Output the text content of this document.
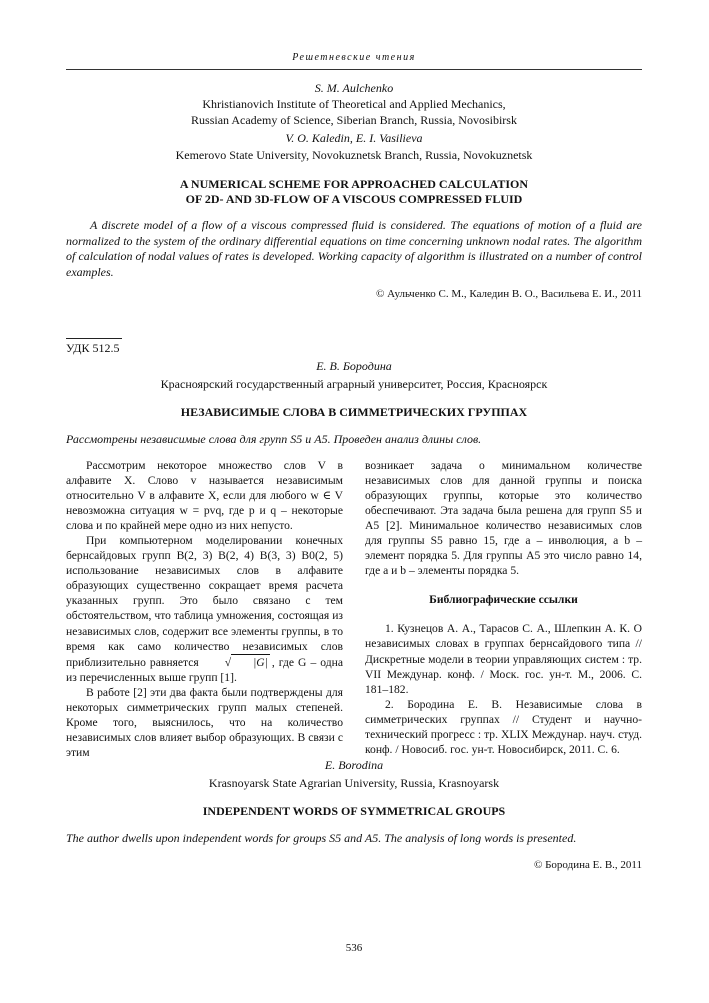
Решетневские чтения
S. M. Aulchenko
Khristianovich Institute of Theoretical and Applied Mechanics,
Russian Academy of Science, Siberian Branch, Russia, Novosibirsk
V. O. Kaledin, E. I. Vasilieva
Kemerovo State University, Novokuznetsk Branch, Russia, Novokuznetsk
A NUMERICAL SCHEME FOR APPROACHED CALCULATION
OF 2D- AND 3D-FLOW OF A VISCOUS COMPRESSED FLUID
A discrete model of a flow of a viscous compressed fluid is considered. The equations of motion of a fluid are normalized to the system of the ordinary differential equations on time concerning unknown nodal rates. The algorithm of calculation of nodal values of rates is developed. Working capacity of algorithm is illustrated on a number of control examples.
© Аульченко С. М., Каледин В. О., Васильева Е. И., 2011
УДК 512.5
Е. В. Бородина
Красноярский государственный аграрный университет, Россия, Красноярск
НЕЗАВИСИМЫЕ СЛОВА В СИММЕТРИЧЕСКИХ ГРУППАХ
Рассмотрены независимые слова для групп S5 и A5. Проведен анализ длины слов.

Рассмотрим некоторое множество слов V в алфавите X. Слово v называется независимым относительно V в алфавите X, если для любого w ∈ V невозможна ситуация w = pvq, где p и q – некоторые слова и по крайней мере одно из них непусто.

При компьютерном моделировании конечных бернсайдовых групп B(2, 3) B(2, 4) B(3, 3) B0(2, 5) использование независимых слов в алфавите образующих существенно сокращает время расчета указанных групп. Это было связано с тем обстоятельством, что таблица умножения, состоящая из независимых слов, содержит все элементы группы, в то время как само количество независимых слов приблизительно равняется √ |G| , где G – одна из перечисленных выше групп [1].

В работе [2] эти два факта были подтверждены для некоторых симметрических групп малых степеней. Кроме того, выяснилось, что на количество независимых слов влияет выбор образующих. В связи с этим

возникает задача о минимальном количестве независимых слов для данной группы и поиска образующих группы, которые это количество обеспечивают. Эта задача была решена для групп S5 и A5 [2]. Минимальное количество независимых слов для группы S5 равно 15, где a – инволюция, а b – элемент порядка 5. Для группы A5 это число равно 14, где a и b – элементы порядка 5.

Библиографические ссылки

1. Кузнецов А. А., Тарасов С. А., Шлепкин А. К. О независимых словах в группах бернсайдового типа // Дискретные модели в теории управляющих систем : тр. VII Междунар. конф. / Моск. гос. ун-т. М., 2006. С. 181–182.

2. Бородина Е. В. Независимые слова в симметрических группах // Студент и научно-технический прогресс : тр. XLIX Междунар. науч. студ. конф. / Новосиб. гос. ун-т. Новосибирск, 2011. С. 6.

E. Borodina
Krasnoyarsk State Agrarian University, Russia, Krasnoyarsk
INDEPENDENT WORDS OF SYMMETRICAL GROUPS
The author dwells upon independent words for groups S5 and A5. The analysis of long words is presented.
© Бородина Е. В., 2011
536
